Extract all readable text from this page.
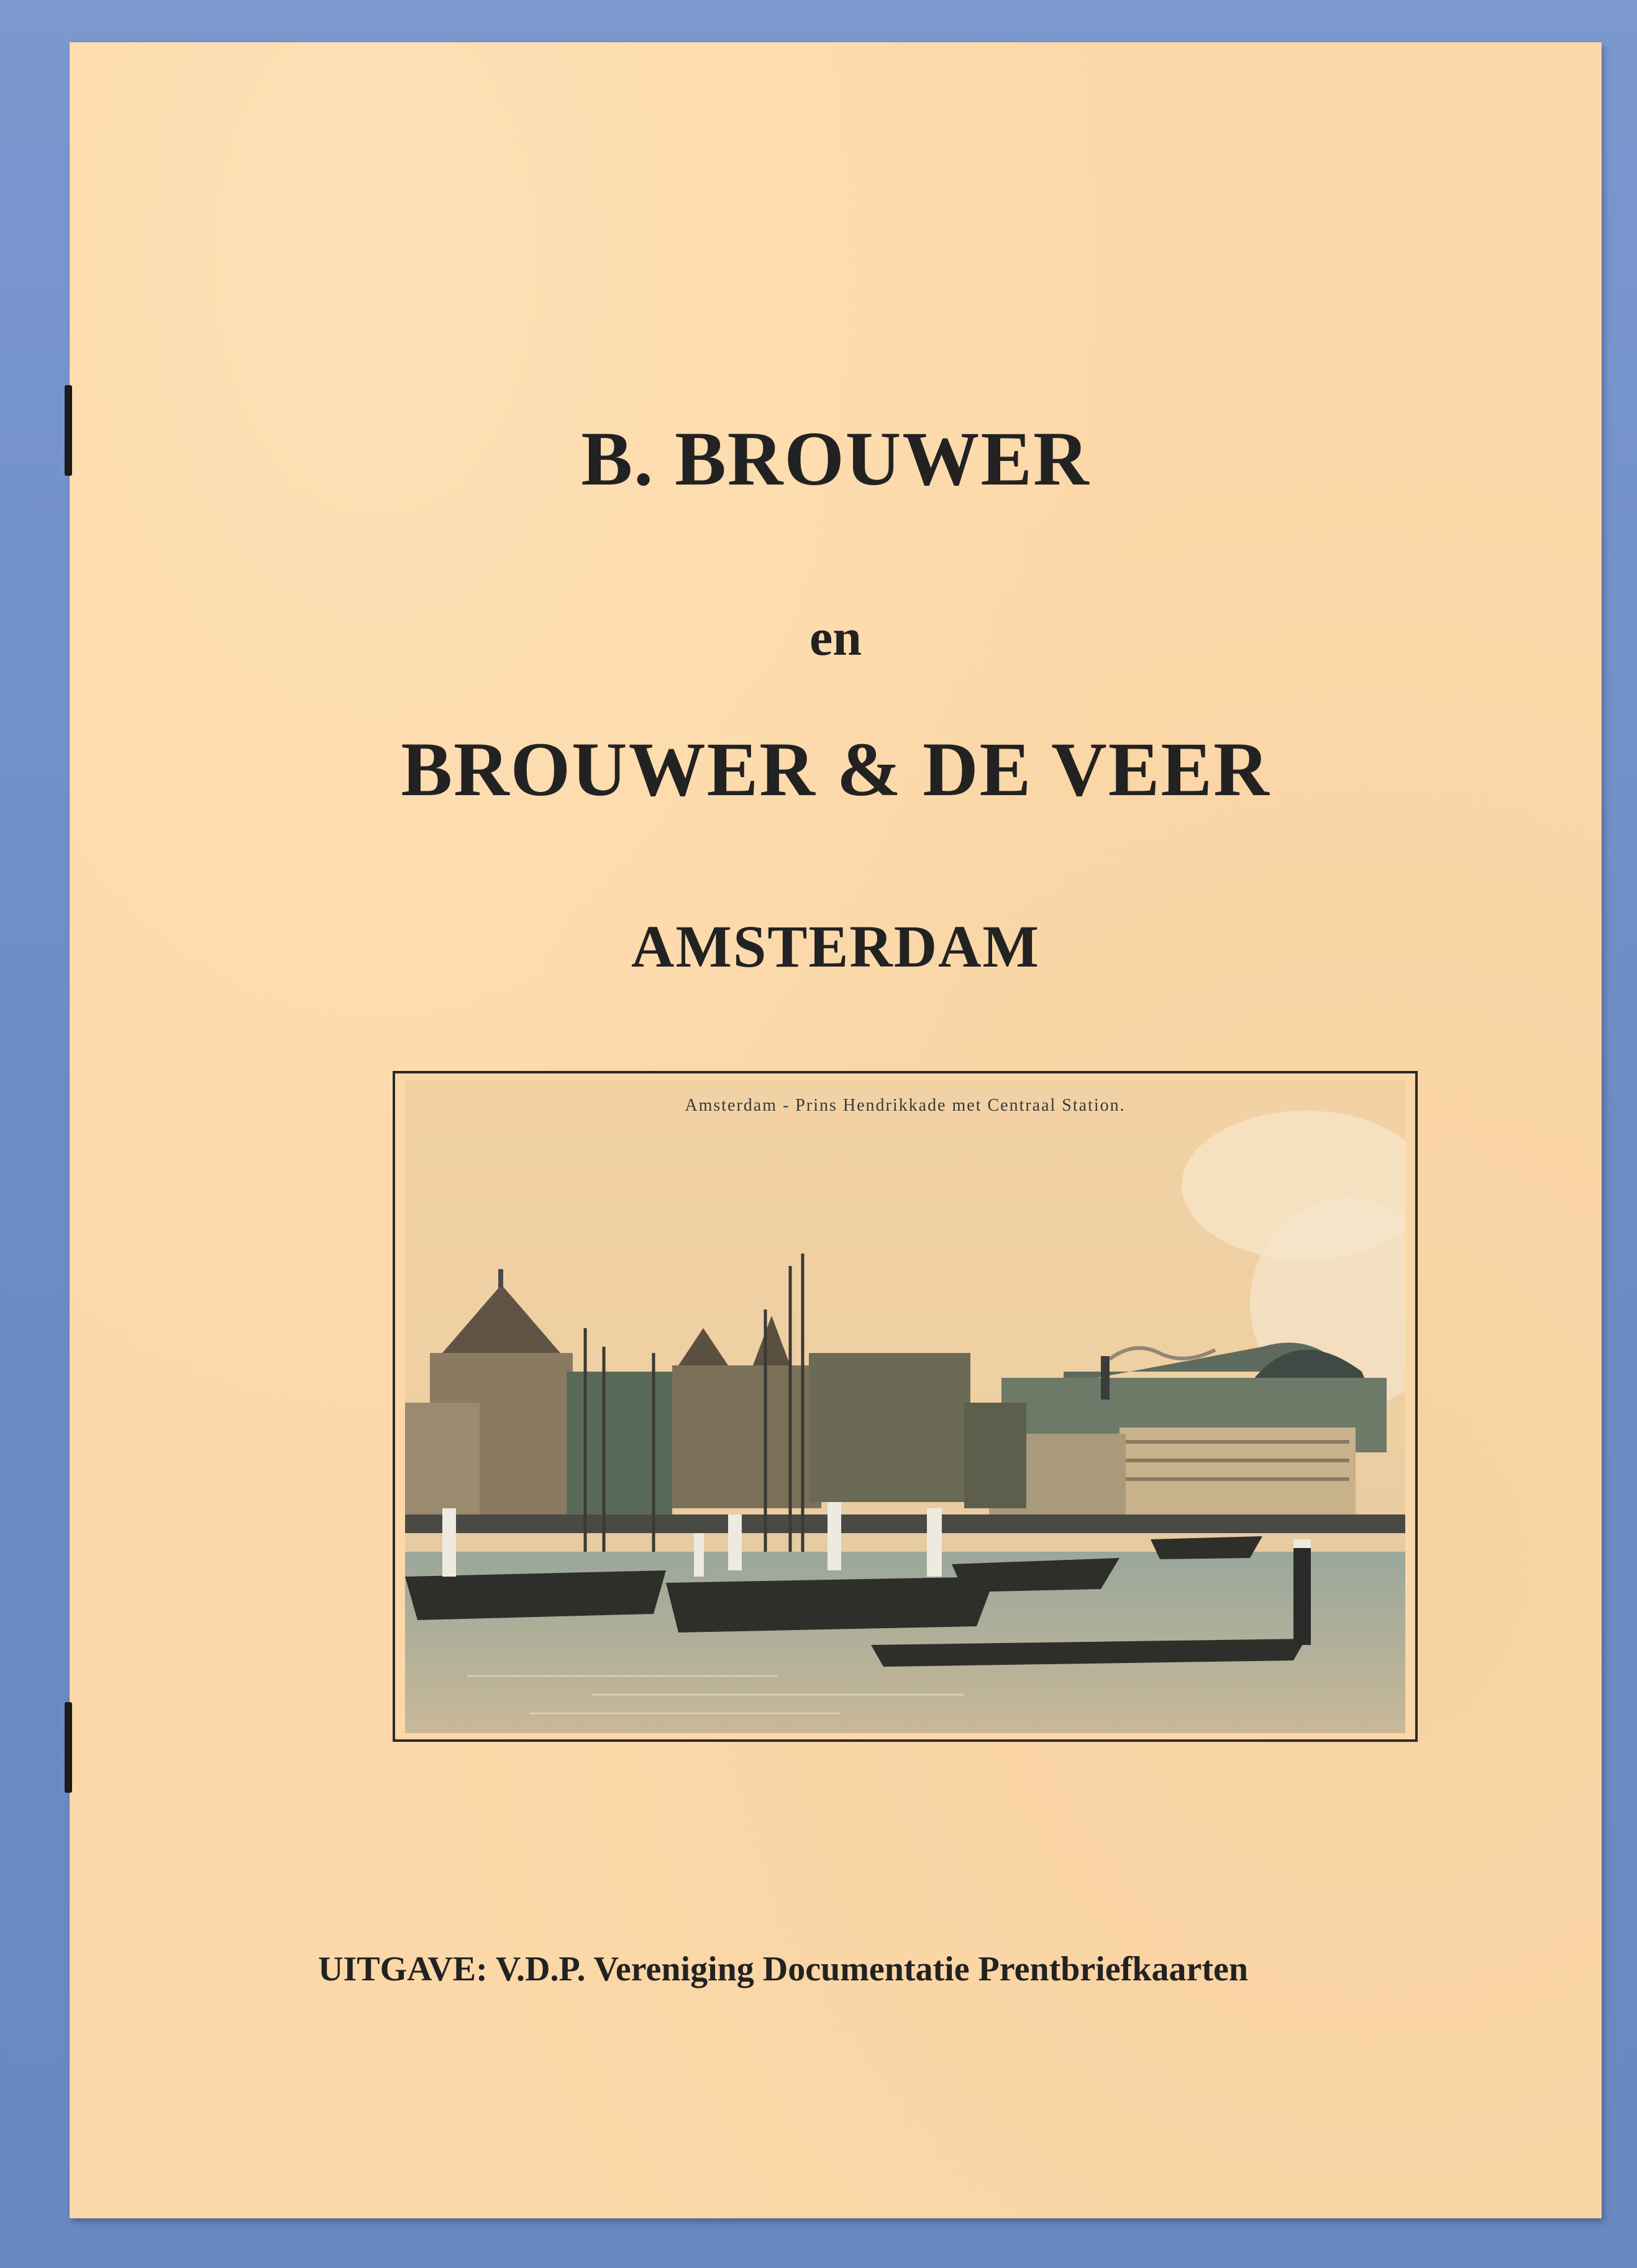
B. BROUWER
en
BROUWER & DE VEER
AMSTERDAM
Amsterdam - Prins Hendrikkade met Centraal Station.

UITGAVE: V.D.P. Vereniging Documentatie Prentbriefkaarten
